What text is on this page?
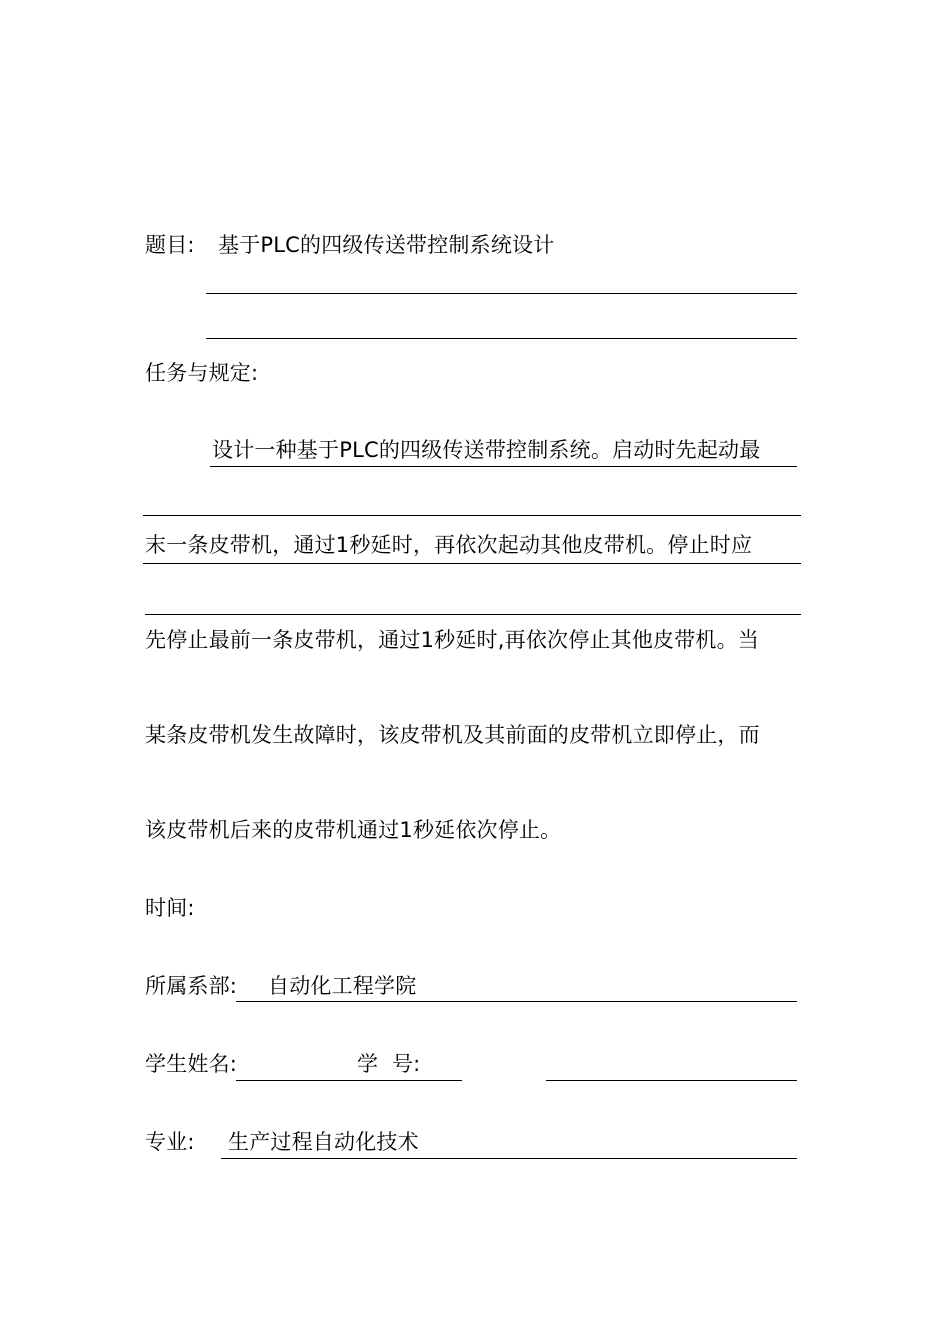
题目: 基于PLC的四级传送带控制系统设计
任务与规定:
设计一种基于PLC的四级传送带控制系统。启动时先起动最
末一条皮带机，通过1秒延时，再依次起动其他皮带机。停止时应
先停止最前一条皮带机，通过1秒延时,再依次停止其他皮带机。当
某条皮带机发生故障时，该皮带机及其前面的皮带机立即停止，而
该皮带机后来的皮带机通过1秒延依次停止。
时间:
所属系部: 自动化工程学院
学生姓名:	学  号:
专业: 生产过程自动化技术
